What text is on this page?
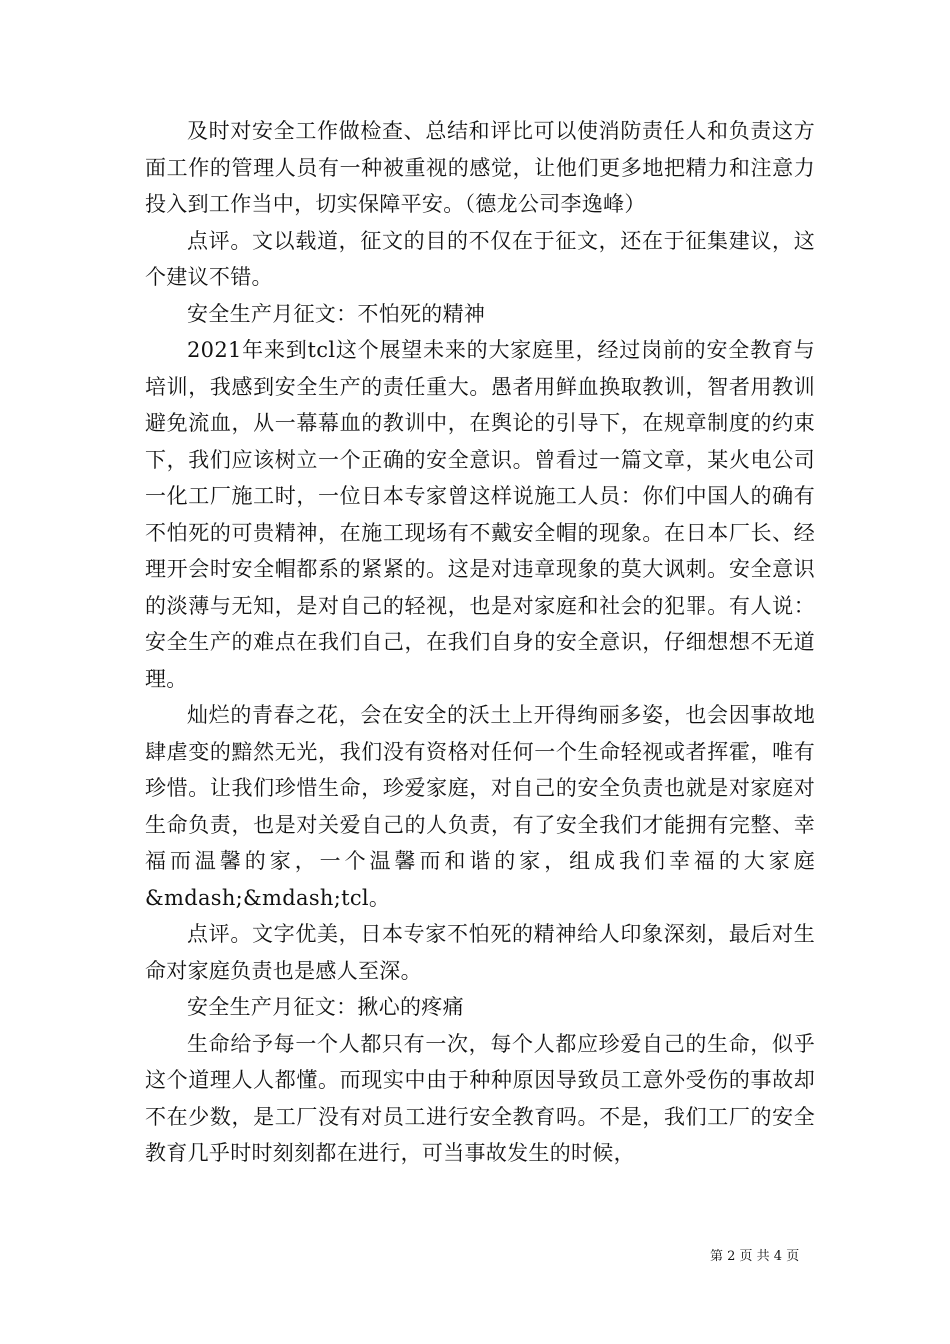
及时对安全工作做检查、总结和评比可以使消防责任人和负责这方面工作的管理人员有一种被重视的感觉，让他们更多地把精力和注意力投入到工作当中，切实保障平安。（德龙公司李逸峰）

点评。文以载道，征文的目的不仅在于征文，还在于征集建议，这个建议不错。

安全生产月征文：不怕死的精神

2021年来到tcl这个展望未来的大家庭里，经过岗前的安全教育与培训，我感到安全生产的责任重大。愚者用鲜血换取教训，智者用教训避免流血，从一幕幕血的教训中，在舆论的引导下，在规章制度的约束下，我们应该树立一个正确的安全意识。曾看过一篇文章，某火电公司一化工厂施工时，一位日本专家曾这样说施工人员：你们中国人的确有不怕死的可贵精神，在施工现场有不戴安全帽的现象。在日本厂长、经理开会时安全帽都系的紧紧的。这是对违章现象的莫大讽刺。安全意识的淡薄与无知，是对自己的轻视，也是对家庭和社会的犯罪。有人说：安全生产的难点在我们自己，在我们自身的安全意识，仔细想想不无道理。

灿烂的青春之花，会在安全的沃土上开得绚丽多姿，也会因事故地肆虐变的黯然无光，我们没有资格对任何一个生命轻视或者挥霍，唯有珍惜。让我们珍惜生命，珍爱家庭，对自己的安全负责也就是对家庭对生命负责，也是对关爱自己的人负责，有了安全我们才能拥有完整、幸福而温馨的家，一个温馨而和谐的家，组成我们幸福的大家庭&mdash;&mdash;tcl。

点评。文字优美，日本专家不怕死的精神给人印象深刻，最后对生命对家庭负责也是感人至深。

安全生产月征文：揪心的疼痛

生命给予每一个人都只有一次，每个人都应珍爱自己的生命，似乎这个道理人人都懂。而现实中由于种种原因导致员工意外受伤的事故却不在少数，是工厂没有对员工进行安全教育吗。不是，我们工厂的安全教育几乎时时刻刻都在进行，可当事故发生的时候，

第 2 页 共 4 页
